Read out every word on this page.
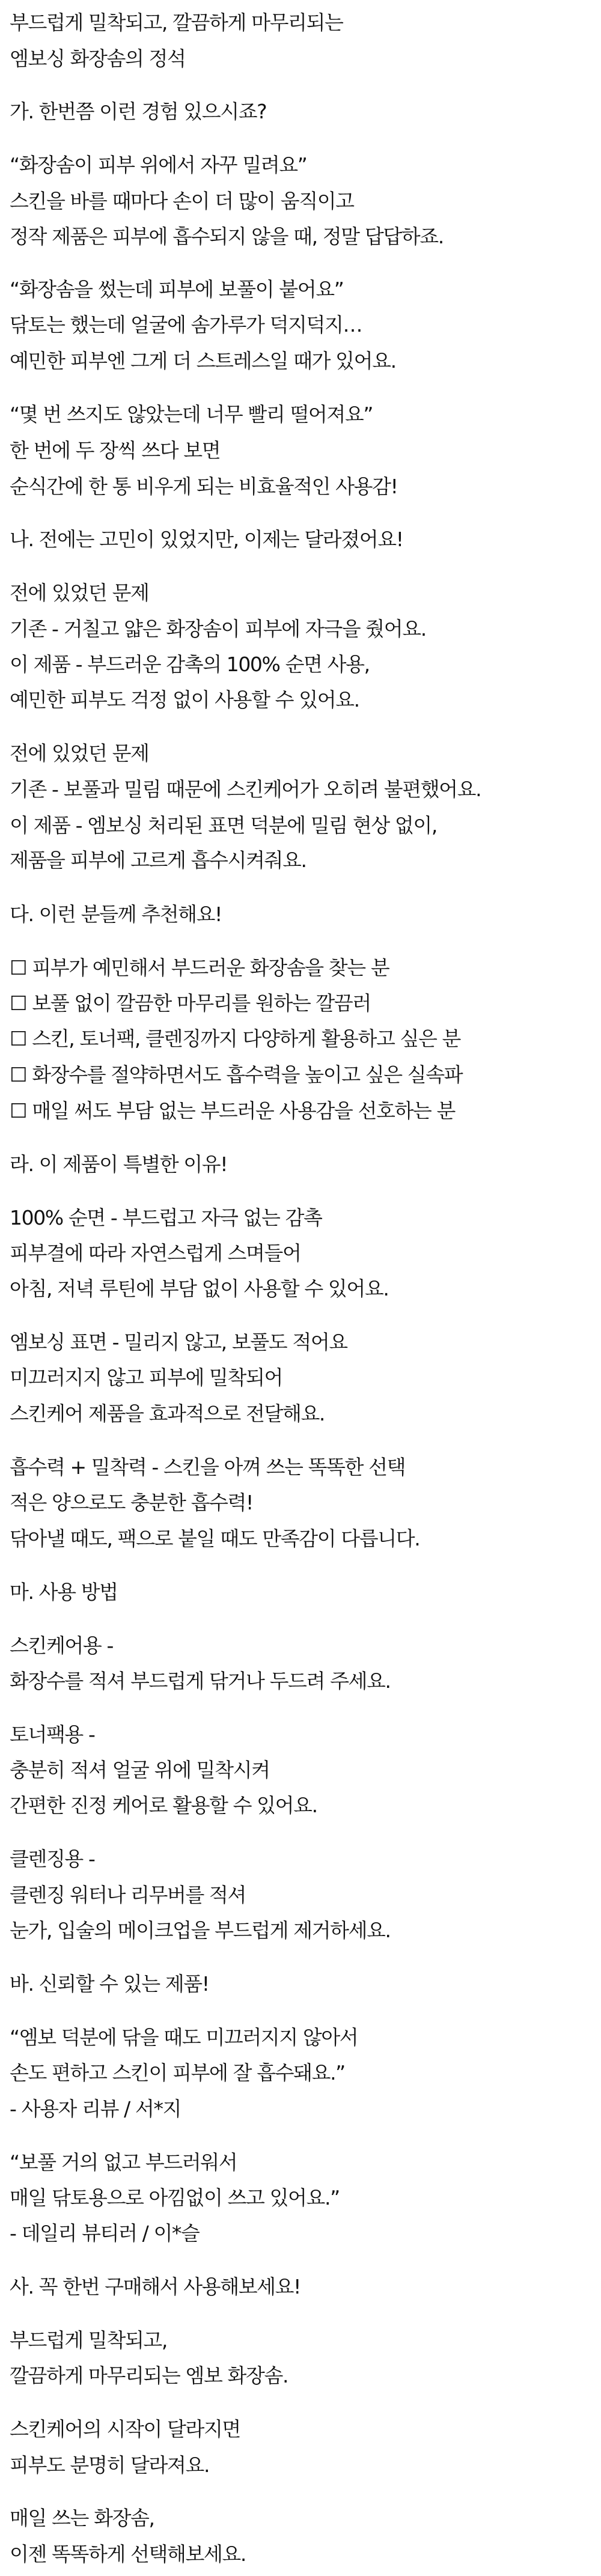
부드럽게 밀착되고, 깔끔하게 마무리되는
엠보싱 화장솜의 정석
가. 한번쯤 이런 경험 있으시죠?
“화장솜이 피부 위에서 자꾸 밀려요”
스킨을 바를 때마다 손이 더 많이 움직이고
정작 제품은 피부에 흡수되지 않을 때, 정말 답답하죠.
“화장솜을 썼는데 피부에 보풀이 붙어요”
닦토는 했는데 얼굴에 솜가루가 덕지덕지…
예민한 피부엔 그게 더 스트레스일 때가 있어요.
“몇 번 쓰지도 않았는데 너무 빨리 떨어져요”
한 번에 두 장씩 쓰다 보면
순식간에 한 통 비우게 되는 비효율적인 사용감!
나. 전에는 고민이 있었지만, 이제는 달라졌어요!
전에 있었던 문제
기존 - 거칠고 얇은 화장솜이 피부에 자극을 줬어요.
이 제품 - 부드러운 감촉의 100% 순면 사용,
예민한 피부도 걱정 없이 사용할 수 있어요.
전에 있었던 문제
기존 - 보풀과 밀림 때문에 스킨케어가 오히려 불편했어요.
이 제품 - 엠보싱 처리된 표면 덕분에 밀림 현상 없이,
제품을 피부에 고르게 흡수시켜줘요.
다. 이런 분들께 추천해요!
☐ 피부가 예민해서 부드러운 화장솜을 찾는 분
☐ 보풀 없이 깔끔한 마무리를 원하는 깔끔러
☐ 스킨, 토너팩, 클렌징까지 다양하게 활용하고 싶은 분
☐ 화장수를 절약하면서도 흡수력을 높이고 싶은 실속파
☐ 매일 써도 부담 없는 부드러운 사용감을 선호하는 분
라. 이 제품이 특별한 이유!
100% 순면 - 부드럽고 자극 없는 감촉
피부결에 따라 자연스럽게 스며들어
아침, 저녁 루틴에 부담 없이 사용할 수 있어요.
엠보싱 표면 - 밀리지 않고, 보풀도 적어요
미끄러지지 않고 피부에 밀착되어
스킨케어 제품을 효과적으로 전달해요.
흡수력 + 밀착력 - 스킨을 아껴 쓰는 똑똑한 선택
적은 양으로도 충분한 흡수력!
닦아낼 때도, 팩으로 붙일 때도 만족감이 다릅니다.
마. 사용 방법
스킨케어용 -
화장수를 적셔 부드럽게 닦거나 두드려 주세요.
토너팩용 -
충분히 적셔 얼굴 위에 밀착시켜
간편한 진정 케어로 활용할 수 있어요.
클렌징용 -
클렌징 워터나 리무버를 적셔
눈가, 입술의 메이크업을 부드럽게 제거하세요.
바. 신뢰할 수 있는 제품!
“엠보 덕분에 닦을 때도 미끄러지지 않아서
손도 편하고 스킨이 피부에 잘 흡수돼요.”
- 사용자 리뷰 / 서*지
“보풀 거의 없고 부드러워서
매일 닦토용으로 아낌없이 쓰고 있어요.”
- 데일리 뷰티러 / 이*슬
사. 꼭 한번 구매해서 사용해보세요!
부드럽게 밀착되고,
깔끔하게 마무리되는 엠보 화장솜.
스킨케어의 시작이 달라지면
피부도 분명히 달라져요.
매일 쓰는 화장솜,
이젠 똑똑하게 선택해보세요.
